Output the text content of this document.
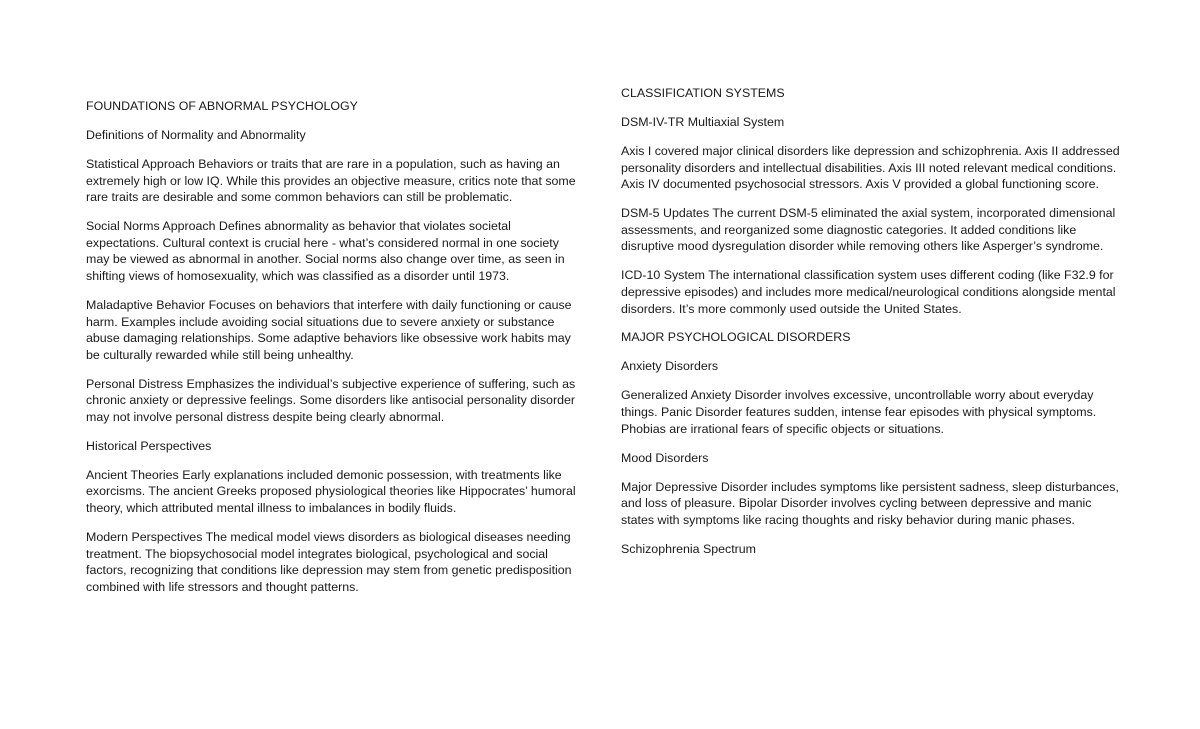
FOUNDATIONS OF ABNORMAL PSYCHOLOGY

Definitions of Normality and Abnormality

Statistical Approach Behaviors or traits that are rare in a population, such as having an extremely high or low IQ. While this provides an objective measure, critics note that some rare traits are desirable and some common behaviors can still be problematic.

Social Norms Approach Defines abnormality as behavior that violates societal expectations. Cultural context is crucial here - what’s considered normal in one society may be viewed as abnormal in another. Social norms also change over time, as seen in shifting views of homosexuality, which was classified as a disorder until 1973.

Maladaptive Behavior Focuses on behaviors that interfere with daily functioning or cause harm. Examples include avoiding social situations due to severe anxiety or substance abuse damaging relationships. Some adaptive behaviors like obsessive work habits may be culturally rewarded while still being unhealthy.

Personal Distress Emphasizes the individual’s subjective experience of suffering, such as chronic anxiety or depressive feelings. Some disorders like antisocial personality disorder may not involve personal distress despite being clearly abnormal.

Historical Perspectives

Ancient Theories Early explanations included demonic possession, with treatments like exorcisms. The ancient Greeks proposed physiological theories like Hippocrates’ humoral theory, which attributed mental illness to imbalances in bodily fluids.

Modern Perspectives The medical model views disorders as biological diseases needing treatment. The biopsychosocial model integrates biological, psychological and social factors, recognizing that conditions like depression may stem from genetic predisposition combined with life stressors and thought patterns.

CLASSIFICATION SYSTEMS

DSM-IV-TR Multiaxial System

Axis I covered major clinical disorders like depression and schizophrenia. Axis II addressed personality disorders and intellectual disabilities. Axis III noted relevant medical conditions. Axis IV documented psychosocial stressors. Axis V provided a global functioning score.

DSM-5 Updates The current DSM-5 eliminated the axial system, incorporated dimensional assessments, and reorganized some diagnostic categories. It added conditions like disruptive mood dysregulation disorder while removing others like Asperger’s syndrome.

ICD-10 System The international classification system uses different coding (like F32.9 for depressive episodes) and includes more medical/neurological conditions alongside mental disorders. It’s more commonly used outside the United States.

MAJOR PSYCHOLOGICAL DISORDERS

Anxiety Disorders

Generalized Anxiety Disorder involves excessive, uncontrollable worry about everyday things. Panic Disorder features sudden, intense fear episodes with physical symptoms. Phobias are irrational fears of specific objects or situations.

Mood Disorders

Major Depressive Disorder includes symptoms like persistent sadness, sleep disturbances, and loss of pleasure. Bipolar Disorder involves cycling between depressive and manic states with symptoms like racing thoughts and risky behavior during manic phases.

Schizophrenia Spectrum
